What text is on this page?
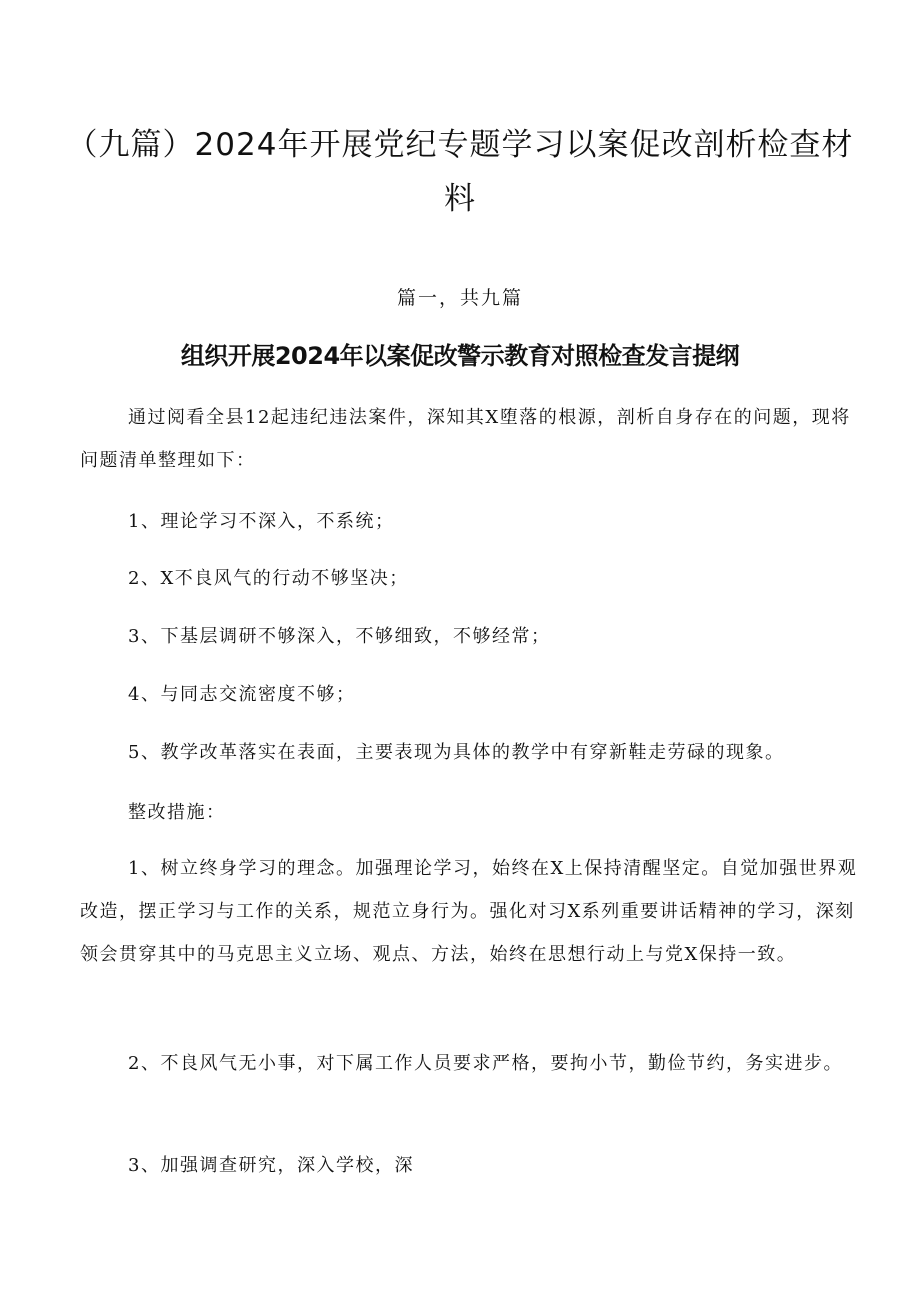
（九篇）2024年开展党纪专题学习以案促改剖析检查材料
篇一，共九篇
组织开展2024年以案促改警示教育对照检查发言提纲

通过阅看全县12起违纪违法案件，深知其X堕落的根源，剖析自身存在的问题，现将问题清单整理如下：

1、理论学习不深入，不系统；

2、X不良风气的行动不够坚决；

3、下基层调研不够深入，不够细致，不够经常；

4、与同志交流密度不够；

5、教学改革落实在表面，主要表现为具体的教学中有穿新鞋走劳碌的现象。

整改措施：

1、树立终身学习的理念。加强理论学习，始终在X上保持清醒坚定。自觉加强世界观改造，摆正学习与工作的关系，规范立身行为。强化对习X系列重要讲话精神的学习，深刻领会贯穿其中的马克思主义立场、观点、方法，始终在思想行动上与党X保持一致。

2、不良风气无小事，对下属工作人员要求严格，要拘小节，勤俭节约，务实进步。

3、加强调查研究，深入学校，深
